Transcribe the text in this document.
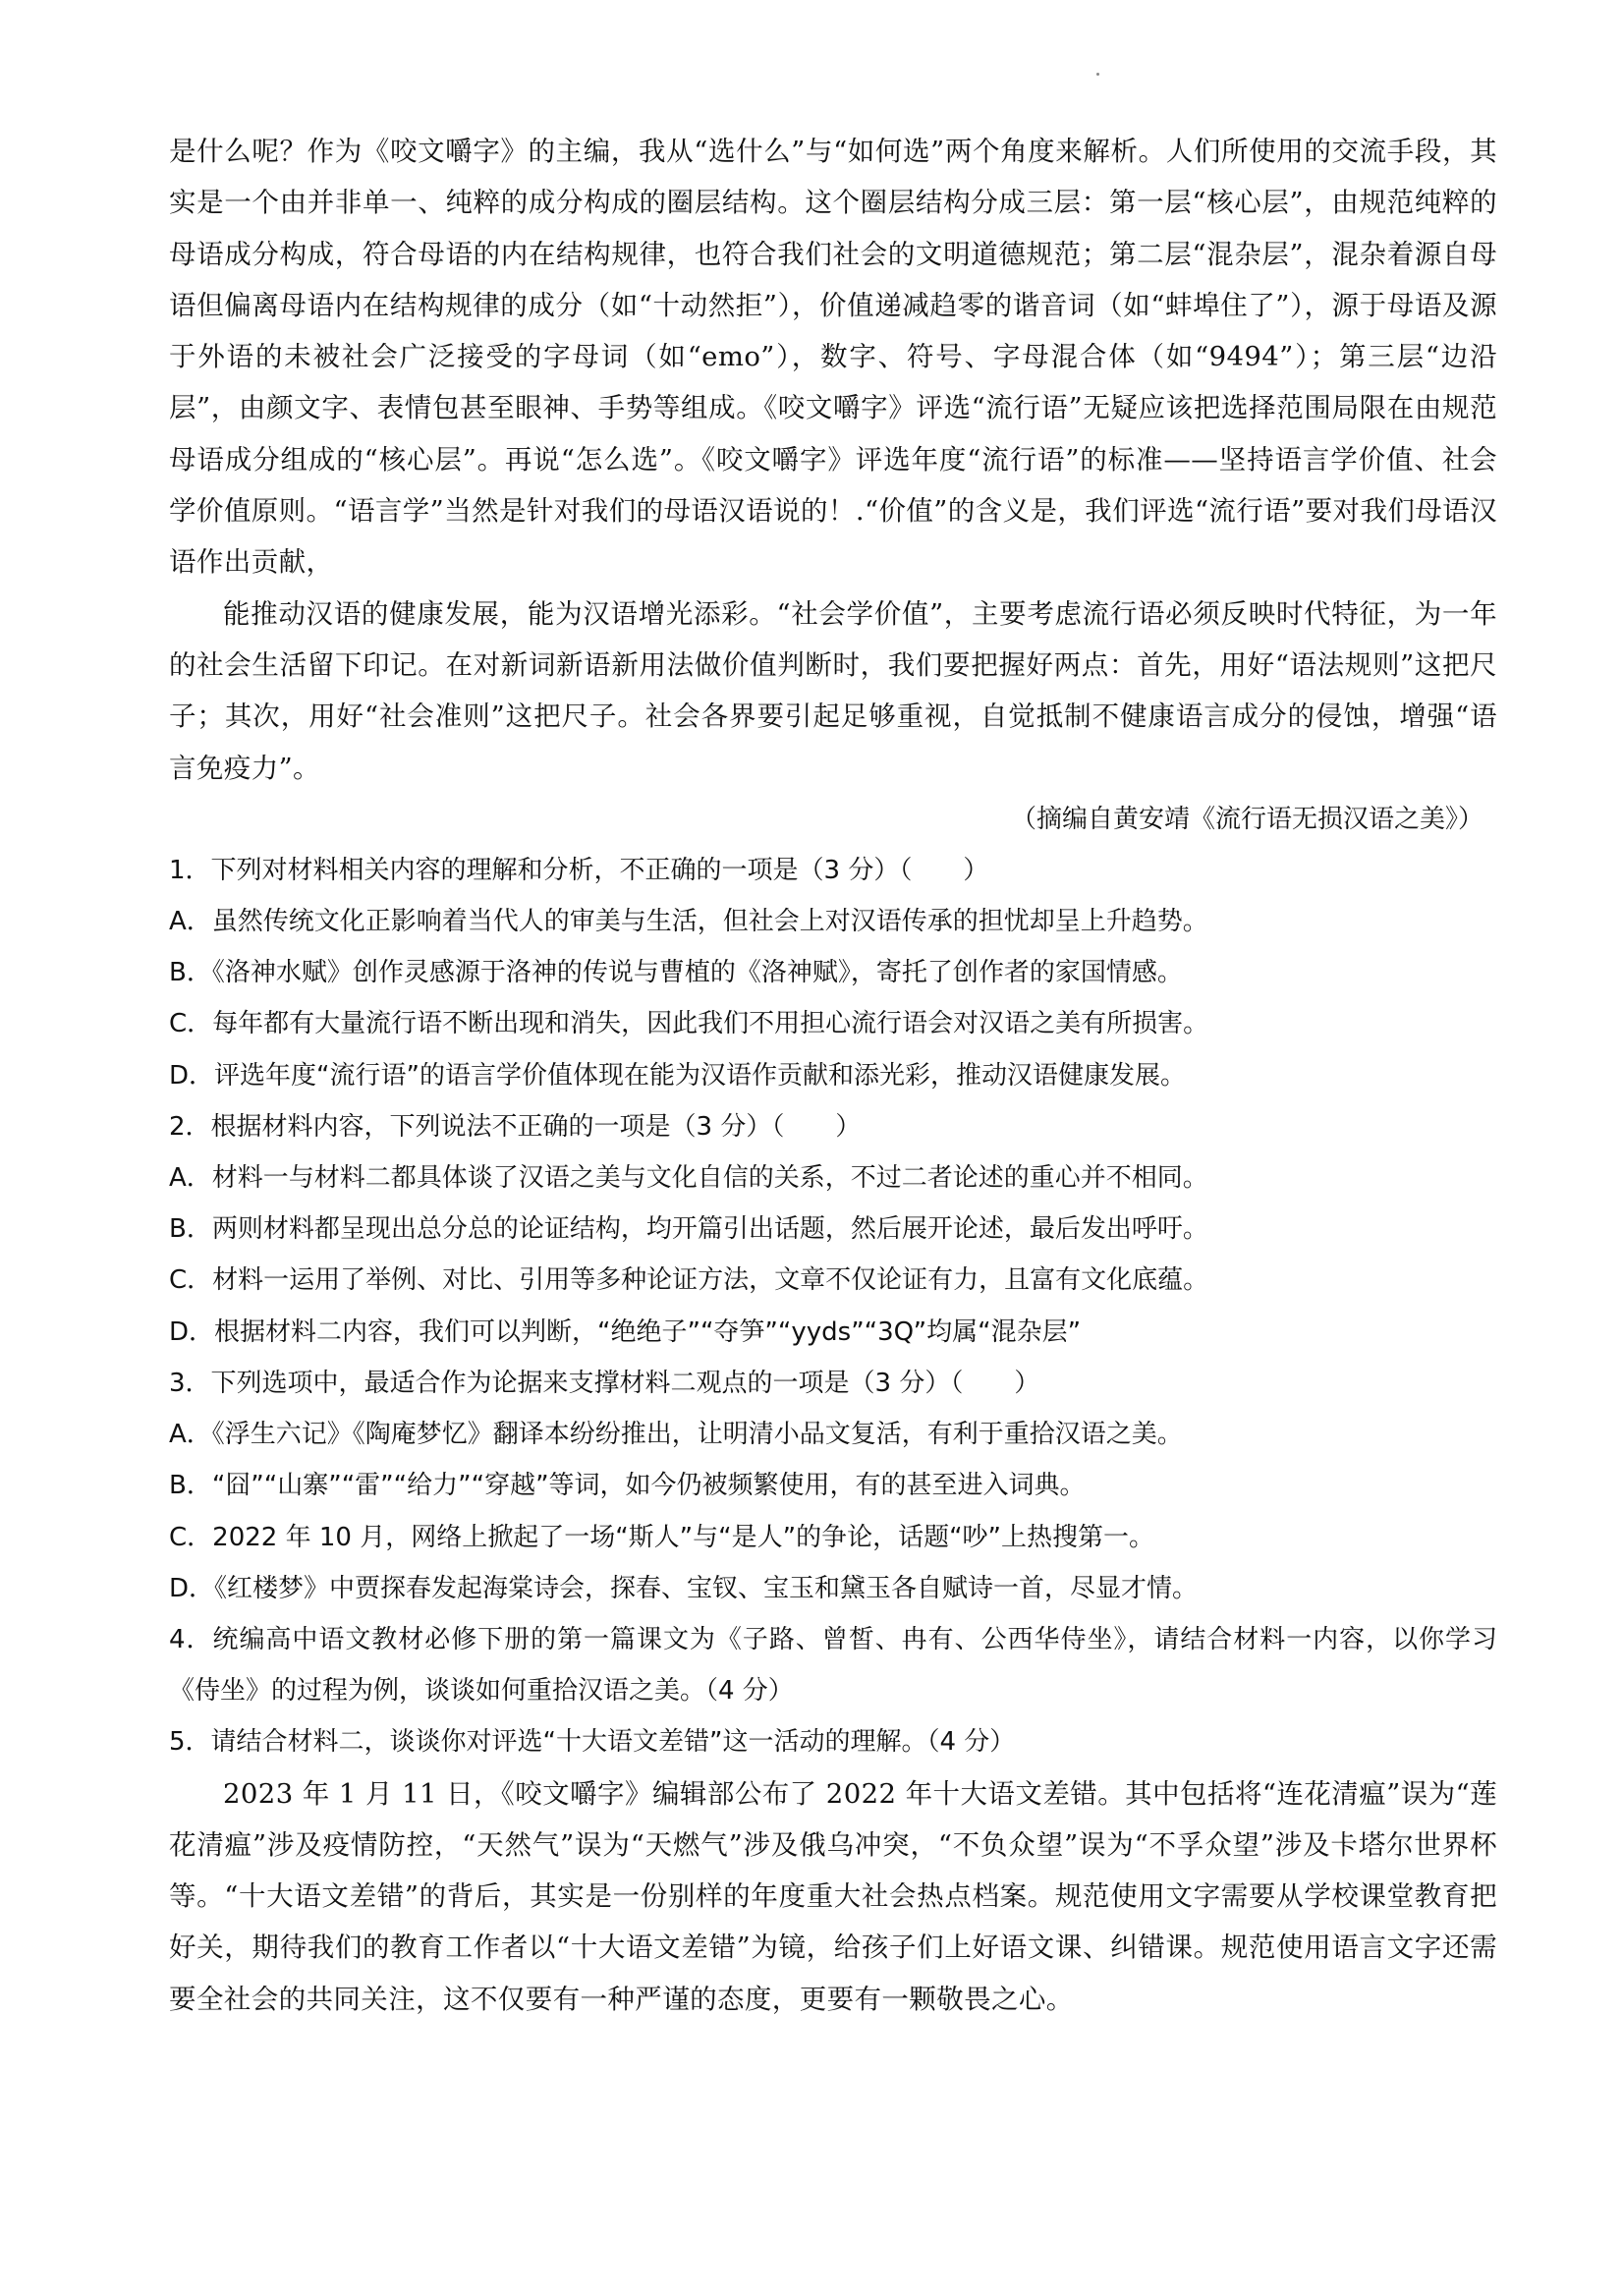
是什么呢？作为《咬文嚼字》的主编，我从“选什么”与“如何选”两个角度来解析。人们所使用的交流手段，其实是一个由并非单一、纯粹的成分构成的圈层结构。这个圈层结构分成三层：第一层“核心层”，由规范纯粹的母语成分构成，符合母语的内在结构规律，也符合我们社会的文明道德规范；第二层“混杂层”，混杂着源自母语但偏离母语内在结构规律的成分（如“十动然拒”），价值递减趋零的谐音词（如“蚌埠住了”），源于母语及源于外语的未被社会广泛接受的字母词（如“emo”），数字、符号、字母混合体（如“9494”）；第三层“边沿层”，由颜文字、表情包甚至眼神、手势等组成。《咬文嚼字》评选“流行语”无疑应该把选择范围局限在由规范母语成分组成的“核心层”。再说“怎么选”。《咬文嚼字》评选年度“流行语”的标准——坚持语言学价值、社会学价值原则。“语言学”当然是针对我们的母语汉语说的！.“价值”的含义是，我们评选“流行语”要对我们母语汉语作出贡献，

能推动汉语的健康发展，能为汉语增光添彩。“社会学价值”，主要考虑流行语必须反映时代特征，为一年的社会生活留下印记。在对新词新语新用法做价值判断时，我们要把握好两点：首先，用好“语法规则”这把尺子；其次，用好“社会准则”这把尺子。社会各界要引起足够重视，自觉抵制不健康语言成分的侵蚀，增强“语言免疫力”。

（摘编自黄安靖《流行语无损汉语之美》）

1．下列对材料相关内容的理解和分析，不正确的一项是（3 分）（　　）

A．虽然传统文化正影响着当代人的审美与生活，但社会上对汉语传承的担忧却呈上升趋势。

B．《洛神水赋》创作灵感源于洛神的传说与曹植的《洛神赋》，寄托了创作者的家国情感。

C．每年都有大量流行语不断出现和消失，因此我们不用担心流行语会对汉语之美有所损害。

D．评选年度“流行语”的语言学价值体现在能为汉语作贡献和添光彩，推动汉语健康发展。

2．根据材料内容，下列说法不正确的一项是（3 分）（　　）

A．材料一与材料二都具体谈了汉语之美与文化自信的关系，不过二者论述的重心并不相同。

B．两则材料都呈现出总分总的论证结构，均开篇引出话题，然后展开论述，最后发出呼吁。

C．材料一运用了举例、对比、引用等多种论证方法，文章不仅论证有力，且富有文化底蕴。

D．根据材料二内容，我们可以判断，“绝绝子”“夺笋”“yyds”“3Q”均属“混杂层”

3．下列选项中，最适合作为论据来支撑材料二观点的一项是（3 分）（　　）

A．《浮生六记》《陶庵梦忆》翻译本纷纷推出，让明清小品文复活，有利于重拾汉语之美。

B．“囧”“山寨”“雷”“给力”“穿越”等词，如今仍被频繁使用，有的甚至进入词典。

C．2022 年 10 月，网络上掀起了一场“斯人”与“是人”的争论，话题“吵”上热搜第一。

D．《红楼梦》中贾探春发起海棠诗会，探春、宝钗、宝玉和黛玉各自赋诗一首，尽显才情。

4．统编高中语文教材必修下册的第一篇课文为《子路、曾皙、冉有、公西华侍坐》，请结合材料一内容，以你学习《侍坐》的过程为例，谈谈如何重拾汉语之美。（4 分）

5．请结合材料二，谈谈你对评选“十大语文差错”这一活动的理解。（4 分）

2023 年 1 月 11 日，《咬文嚼字》编辑部公布了 2022 年十大语文差错。其中包括将“连花清瘟”误为“莲花清瘟”涉及疫情防控，“天然气”误为“天燃气”涉及俄乌冲突，“不负众望”误为“不孚众望”涉及卡塔尔世界杯等。“十大语文差错”的背后，其实是一份别样的年度重大社会热点档案。规范使用文字需要从学校课堂教育把好关，期待我们的教育工作者以“十大语文差错”为镜，给孩子们上好语文课、纠错课。规范使用语言文字还需要全社会的共同关注，这不仅要有一种严谨的态度，更要有一颗敬畏之心。
